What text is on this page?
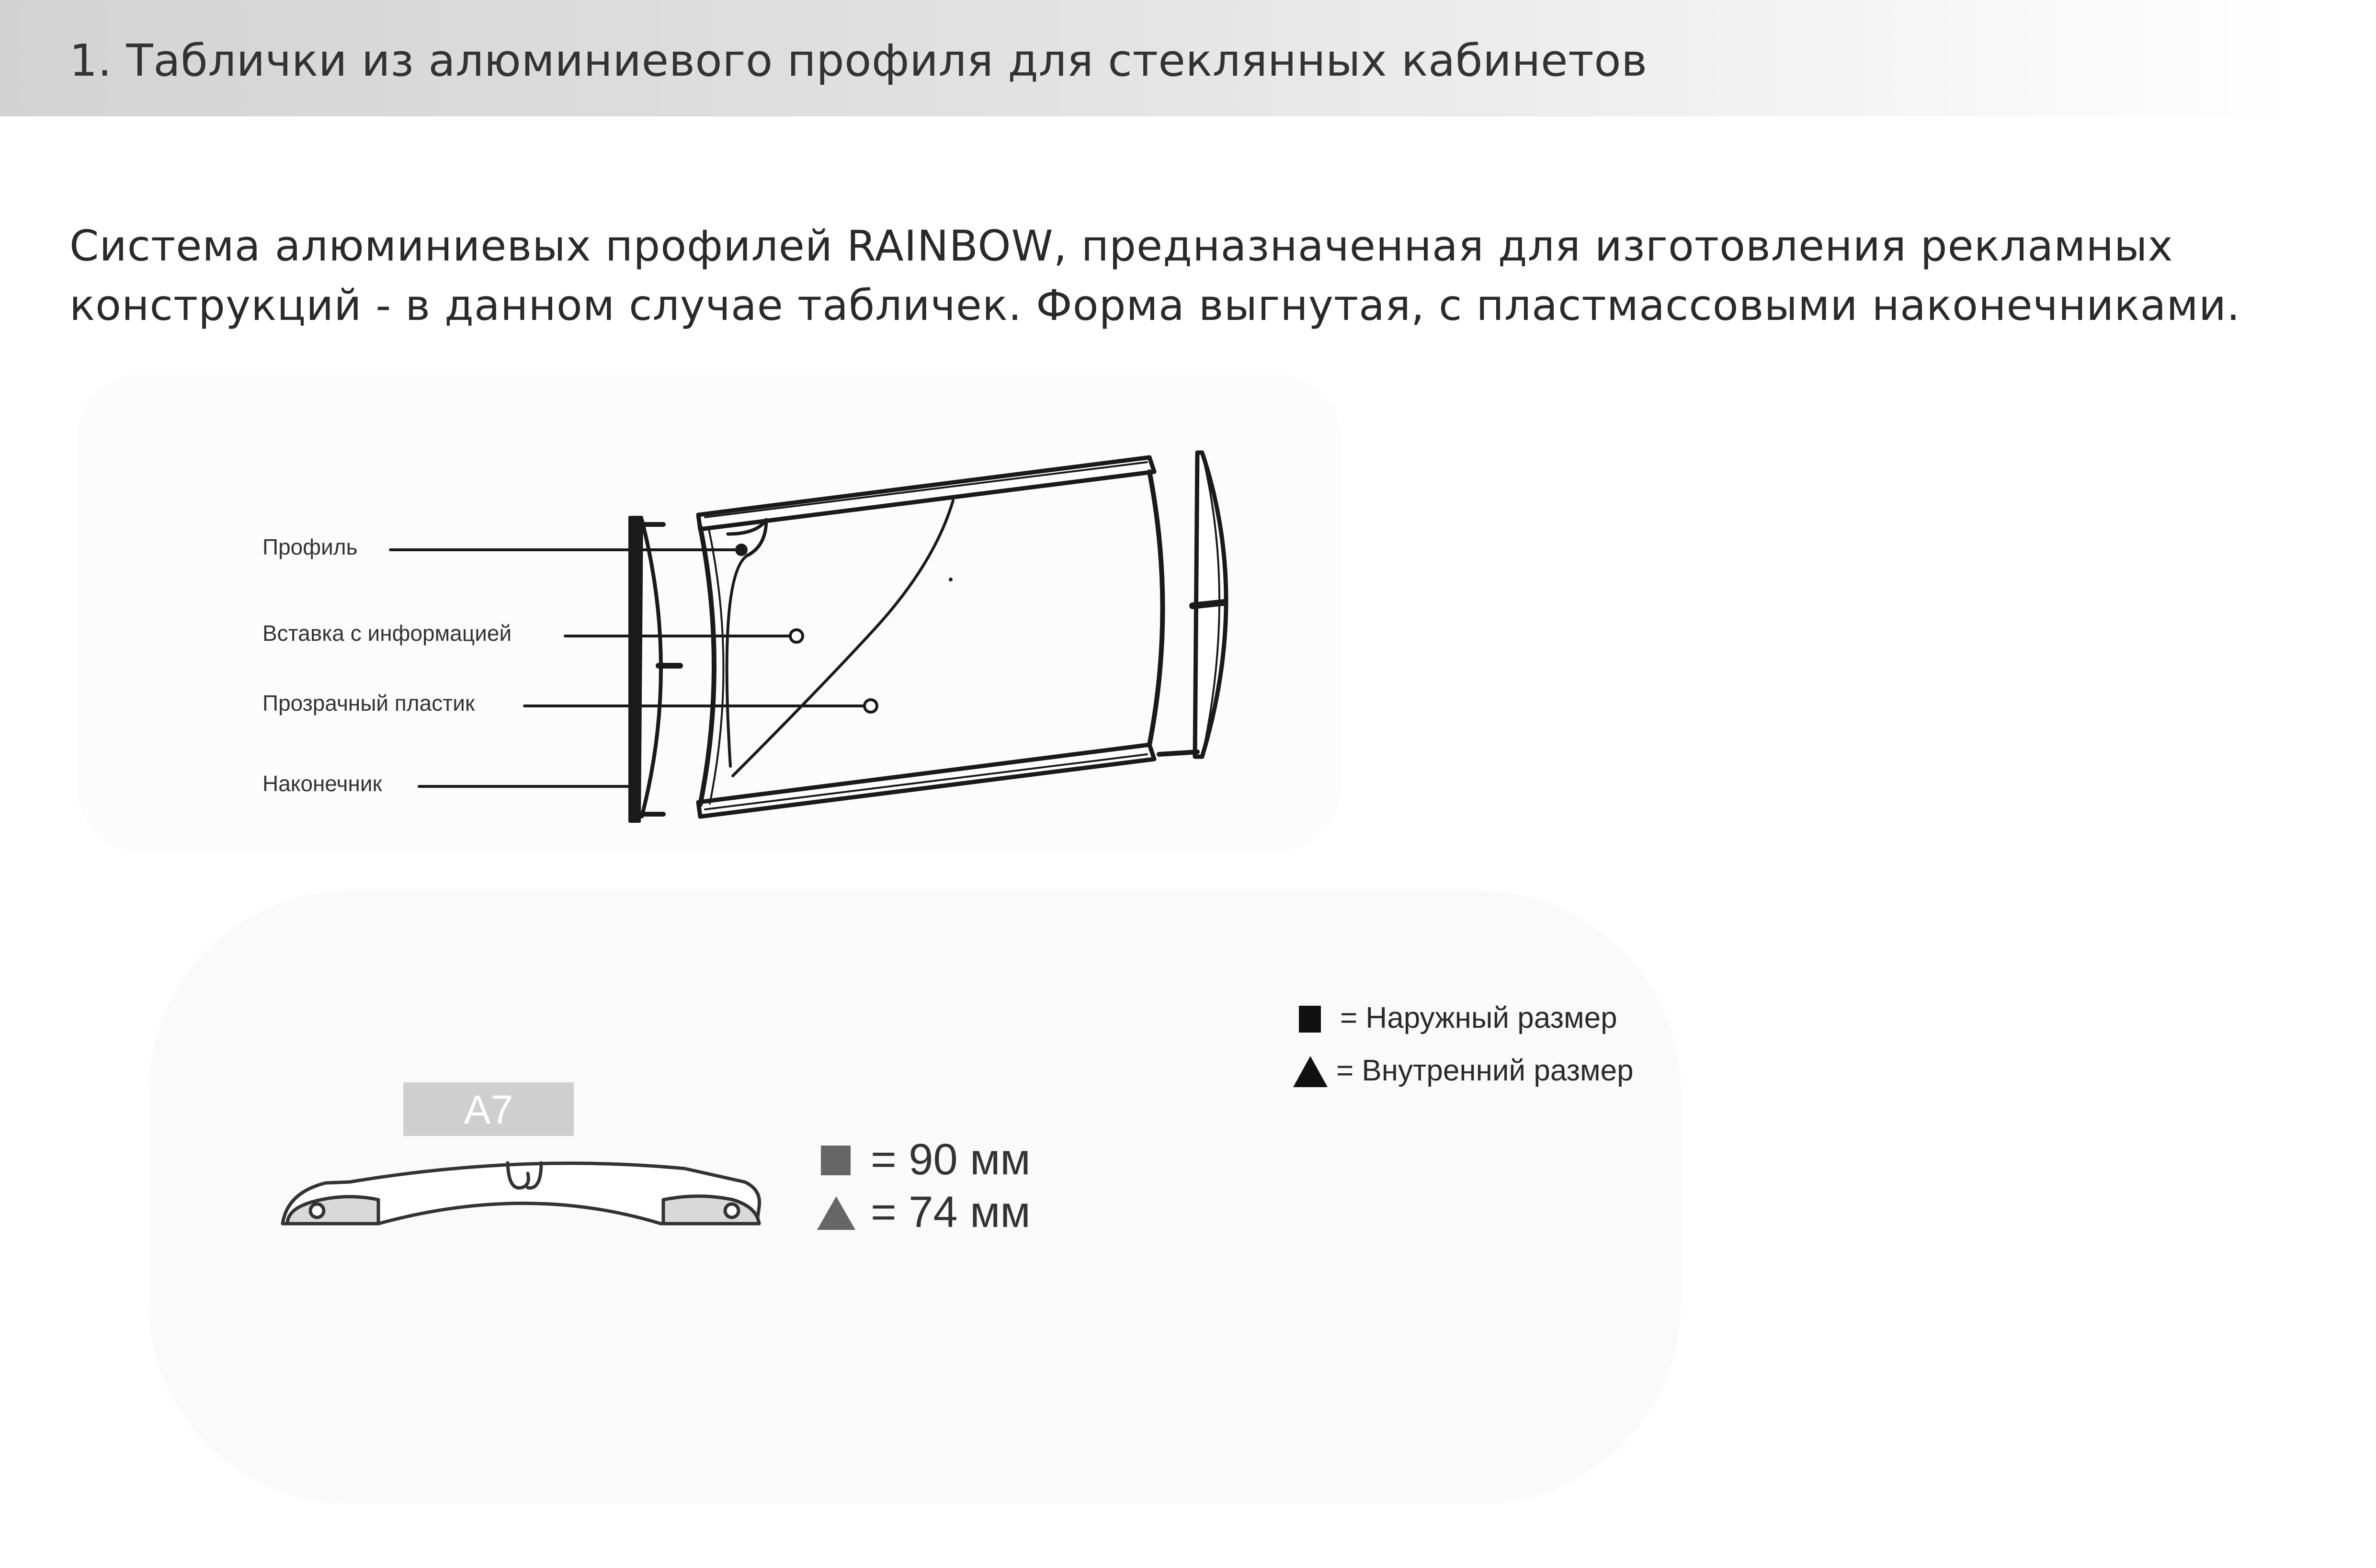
1. Таблички из алюминиевого профиля для стеклянных кабинетов

Система алюминиевых профилей RAINBOW, предназначенная для изготовления рекламных

конструкций - в данном случае табличек. Форма выгнутая, с пластмассовыми наконечниками.

Профиль
Вставка с информацией
Прозрачный пластик
Наконечник
= Наружный размер
= Внутренний размер
A7
= 90 мм
= 74 мм
